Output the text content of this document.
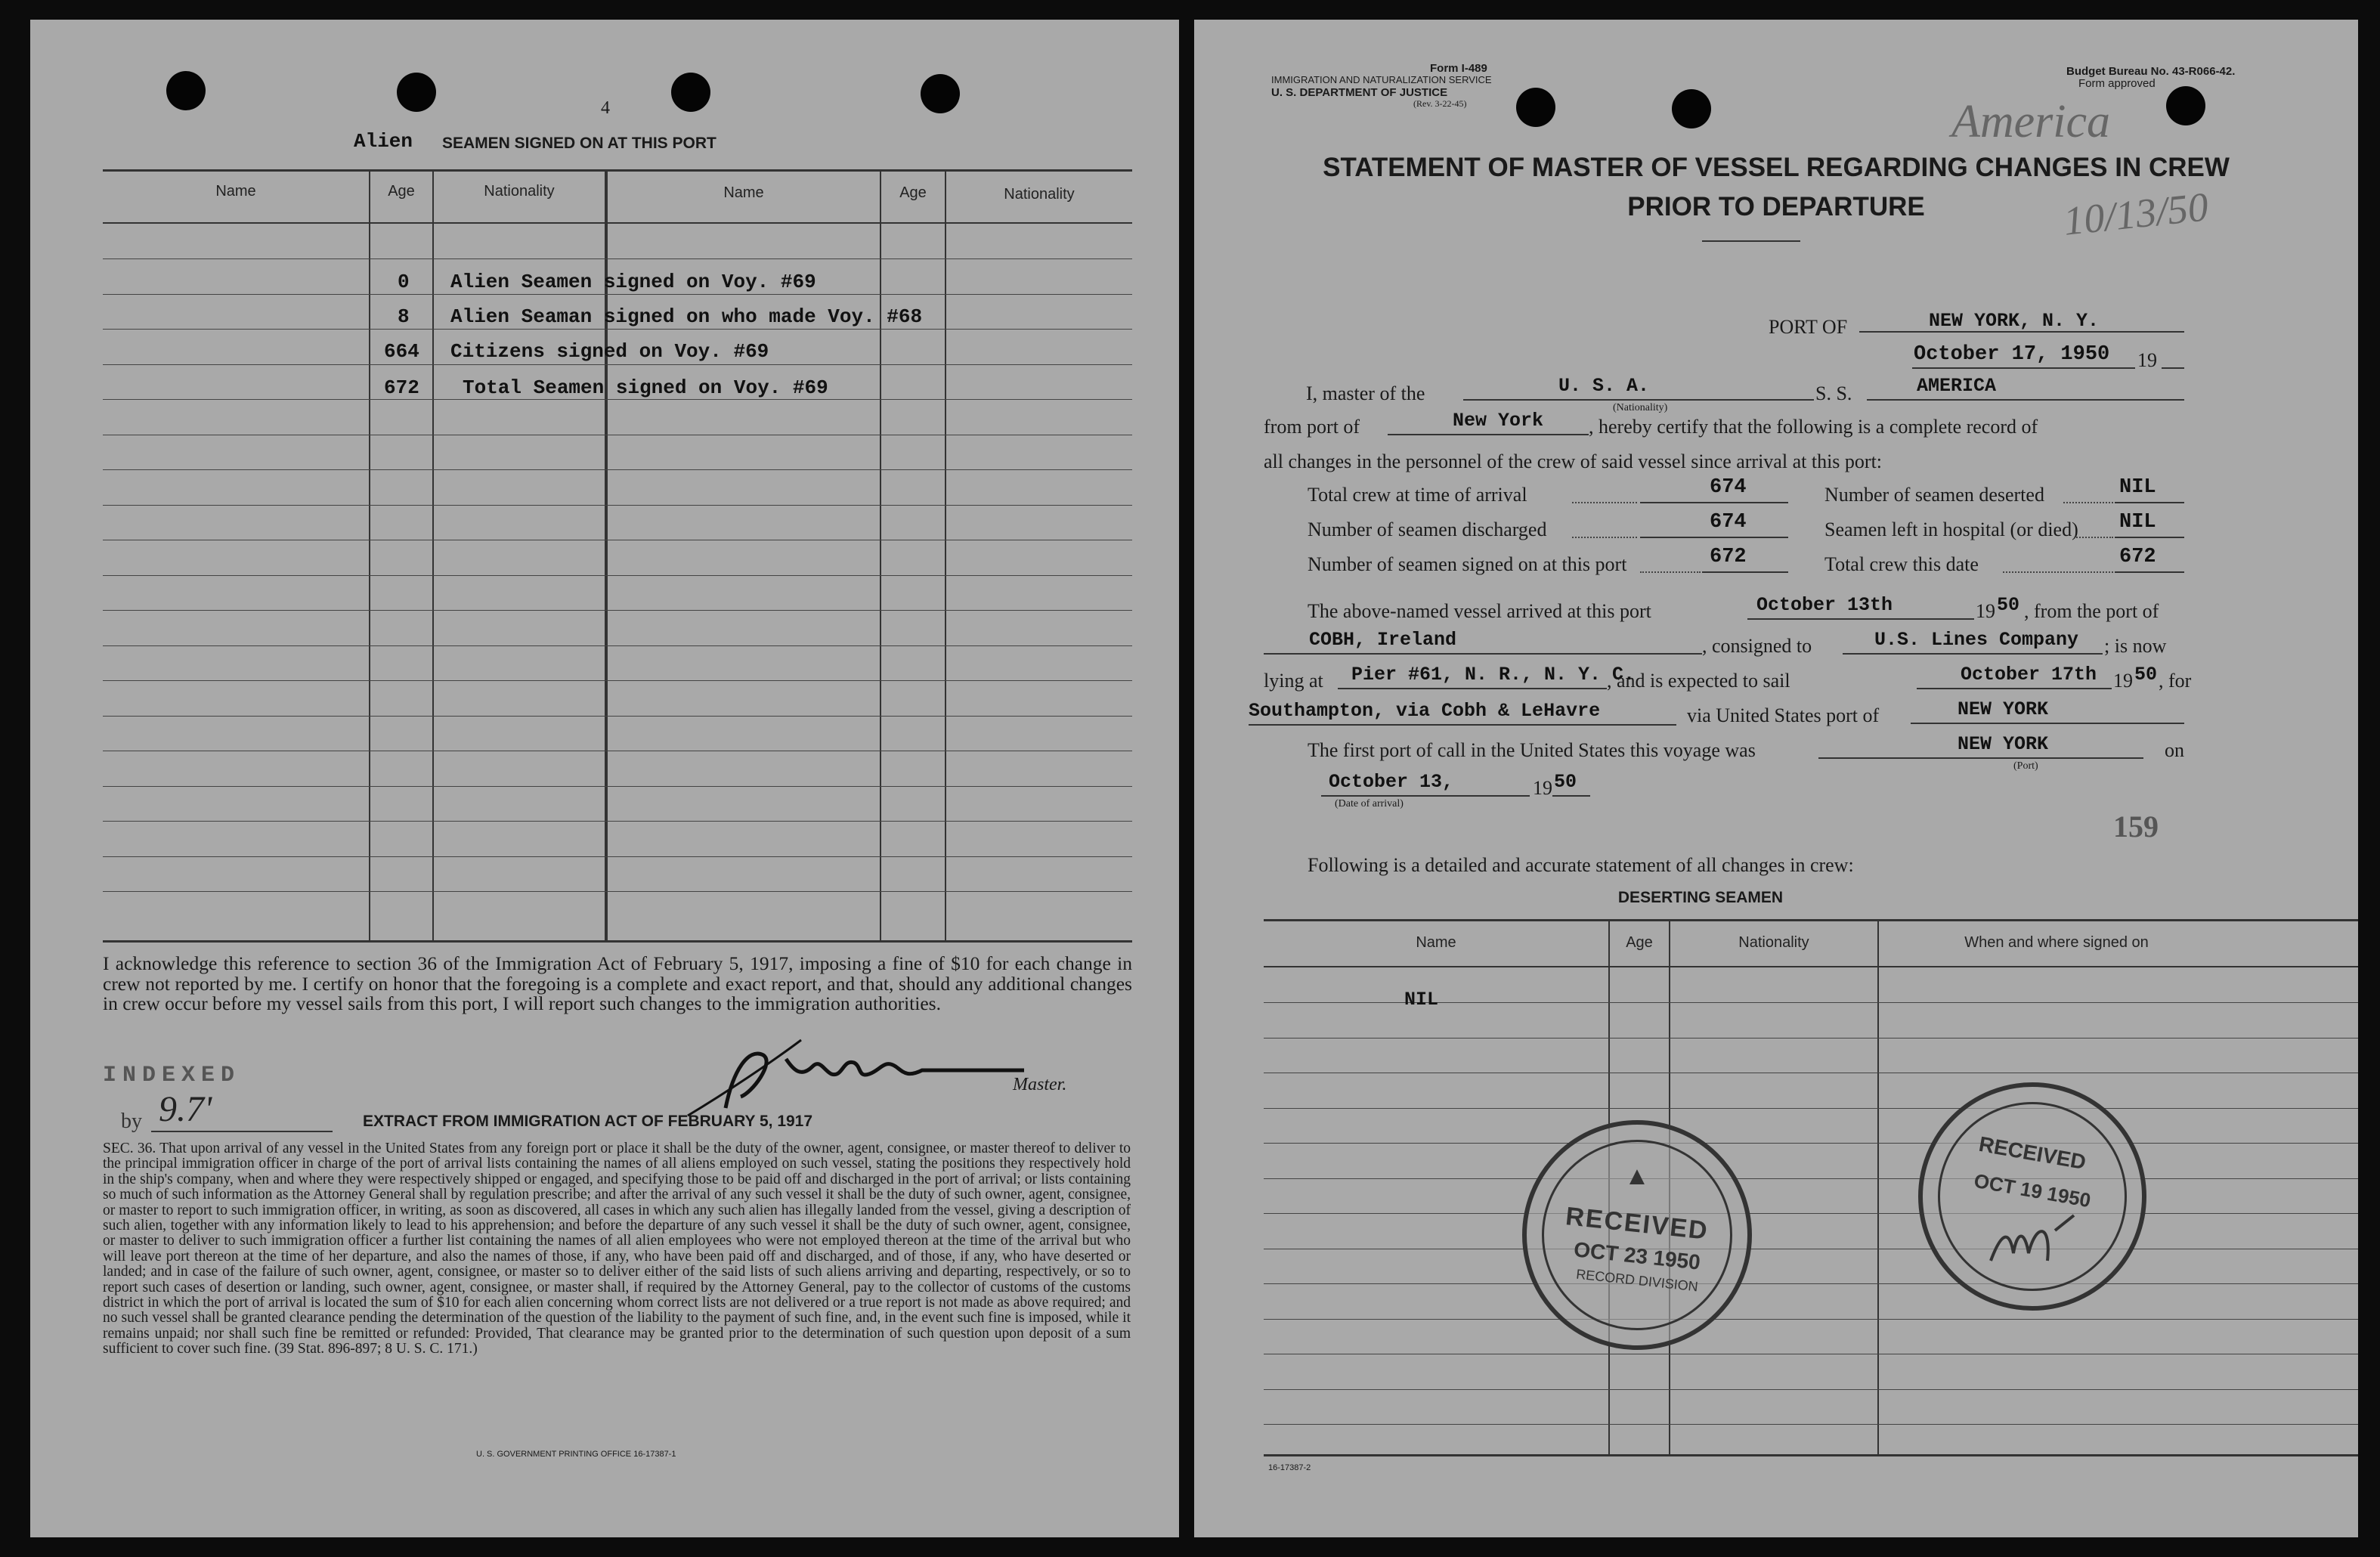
4
Alien SEAMEN SIGNED ON AT THIS PORT
Name	Age	Nationality	Name	Age	Nationality
0 Alien Seamen signed on Voy. #69
8 Alien Seaman signed on who made Voy. #68
664 Citizens signed on Voy. #69
672 Total Seamen signed on Voy. #69
I acknowledge this reference to section 36 of the Immigration Act of February 5, 1917, imposing a fine of $10 for each change in crew not reported by me. I certify on honor that the foregoing is a complete and exact report, and that, should any additional changes in crew occur before my vessel sails from this port, I will report such changes to the immigration authorities.
Master.
INDEXED
by 9.7'	EXTRACT FROM IMMIGRATION ACT OF FEBRUARY 5, 1917
SEC. 36. That upon arrival of any vessel in the United States from any foreign port or place it shall be the duty of the owner, agent, consignee, or master thereof to deliver to the principal immigration officer in charge of the port of arrival lists containing the names of all aliens employed on such vessel, stating the positions they respectively hold in the ship's company, when and where they were respectively shipped or engaged, and specifying those to be paid off and discharged in the port of arrival; or lists containing so much of such information as the Attorney General shall by regulation prescribe; and after the arrival of any such vessel it shall be the duty of such owner, agent, consignee, or master to report to such immigration officer, in writing, as soon as discovered, all cases in which any such alien has illegally landed from the vessel, giving a description of such alien, together with any information likely to lead to his apprehension; and before the departure of any such vessel it shall be the duty of such owner, agent, consignee, or master to deliver to such immigration officer a further list containing the names of all alien employees who were not employed thereon at the time of the arrival but who will leave port thereon at the time of her departure, and also the names of those, if any, who have been paid off and discharged, and of those, if any, who have deserted or landed; and in case of the failure of such owner, agent, consignee, or master so to deliver either of the said lists of such aliens arriving and departing, respectively, or so to report such cases of desertion or landing, such owner, agent, consignee, or master shall, if required by the Attorney General, pay to the collector of customs of the customs district in which the port of arrival is located the sum of $10 for each alien concerning whom correct lists are not delivered or a true report is not made as above required; and no such vessel shall be granted clearance pending the determination of the question of the liability to the payment of such fine, and, in the event such fine is imposed, while it remains unpaid; nor shall such fine be remitted or refunded: Provided, That clearance may be granted prior to the determination of such question upon deposit of a sum sufficient to cover such fine. (39 Stat. 896-897; 8 U. S. C. 171.)
U. S. GOVERNMENT PRINTING OFFICE 16-17387-1
Form I-489
IMMIGRATION AND NATURALIZATION SERVICE
U. S. DEPARTMENT OF JUSTICE
(Rev. 3-22-45)
Budget Bureau No. 43-R066-42.
Form approved
America
10/13/50
STATEMENT OF MASTER OF VESSEL REGARDING CHANGES IN CREW
PRIOR TO DEPARTURE
PORT OF	NEW YORK, N. Y.
October 17, 1950 19
I, master of the	U. S. A.
(Nationality)
S. S.	AMERICA
from port of	New York , hereby certify that the following is a complete record of
all changes in the personnel of the crew of said vessel since arrival at this port:
Total crew at time of arrival	674
Number of seamen discharged	674
Number of seamen signed on at this port	672
Number of seamen deserted	NIL
Seamen left in hospital (or died) NIL
Total crew this date	672
The above-named vessel arrived at this port	October 13th	19 50 , from the port of
COBH, Ireland	, consigned to	U.S. Lines Company ; is now
lying at Pier #61, N. R., N. Y. C.
, and is expected to sail	October 17th 19 50 , for
Southampton, via Cobh & LeHavre	via United States port of	NEW YORK
The first port of call in the United States this voyage was	NEW YORK
(Port)
on
October 13,	19 50
(Date of arrival)
159
Following is a detailed and accurate statement of all changes in crew:
DESERTING SEAMEN
Name	Age	Nationality	When and where signed on
NIL
▲
RECEIVED
OCT 23 1950
RECORD DIVISION
RECEIVED
OCT 19 1950
16-17387-2
